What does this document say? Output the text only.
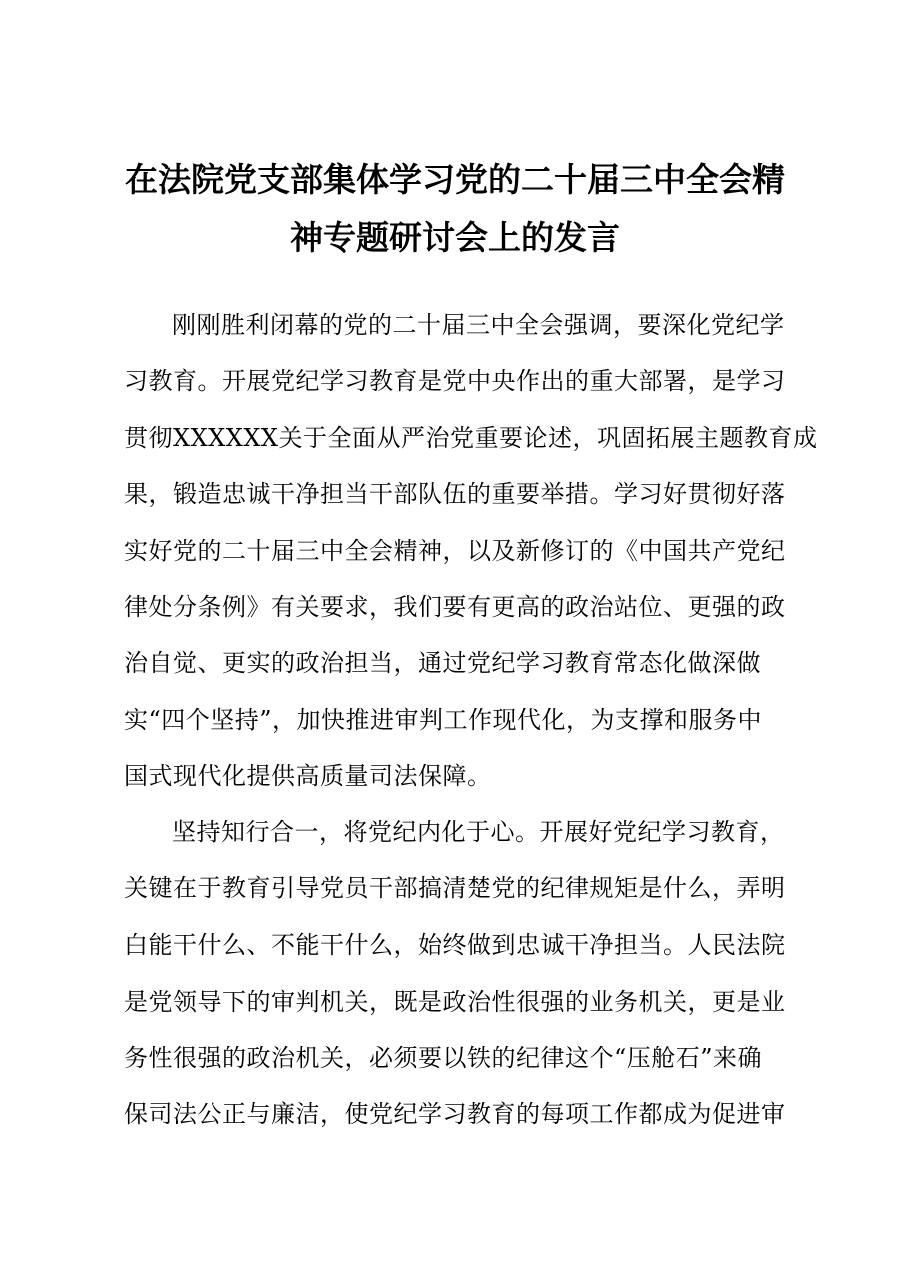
在法院党支部集体学习党的二十届三中全会精
神专题研讨会上的发言
刚刚胜利闭幕的党的二十届三中全会强调，要深化党纪学
习教育。开展党纪学习教育是党中央作出的重大部署，是学习
贯彻XXXXXX关于全面从严治党重要论述，巩固拓展主题教育成
果，锻造忠诚干净担当干部队伍的重要举措。学习好贯彻好落
实好党的二十届三中全会精神，以及新修订的《中国共产党纪
律处分条例》有关要求，我们要有更高的政治站位、更强的政
治自觉、更实的政治担当，通过党纪学习教育常态化做深做
实“四个坚持”，加快推进审判工作现代化，为支撑和服务中
国式现代化提供高质量司法保障。
坚持知行合一，将党纪内化于心。开展好党纪学习教育，
关键在于教育引导党员干部搞清楚党的纪律规矩是什么，弄明
白能干什么、不能干什么，始终做到忠诚干净担当。人民法院
是党领导下的审判机关，既是政治性很强的业务机关，更是业
务性很强的政治机关，必须要以铁的纪律这个“压舱石”来确
保司法公正与廉洁，使党纪学习教育的每项工作都成为促进审
